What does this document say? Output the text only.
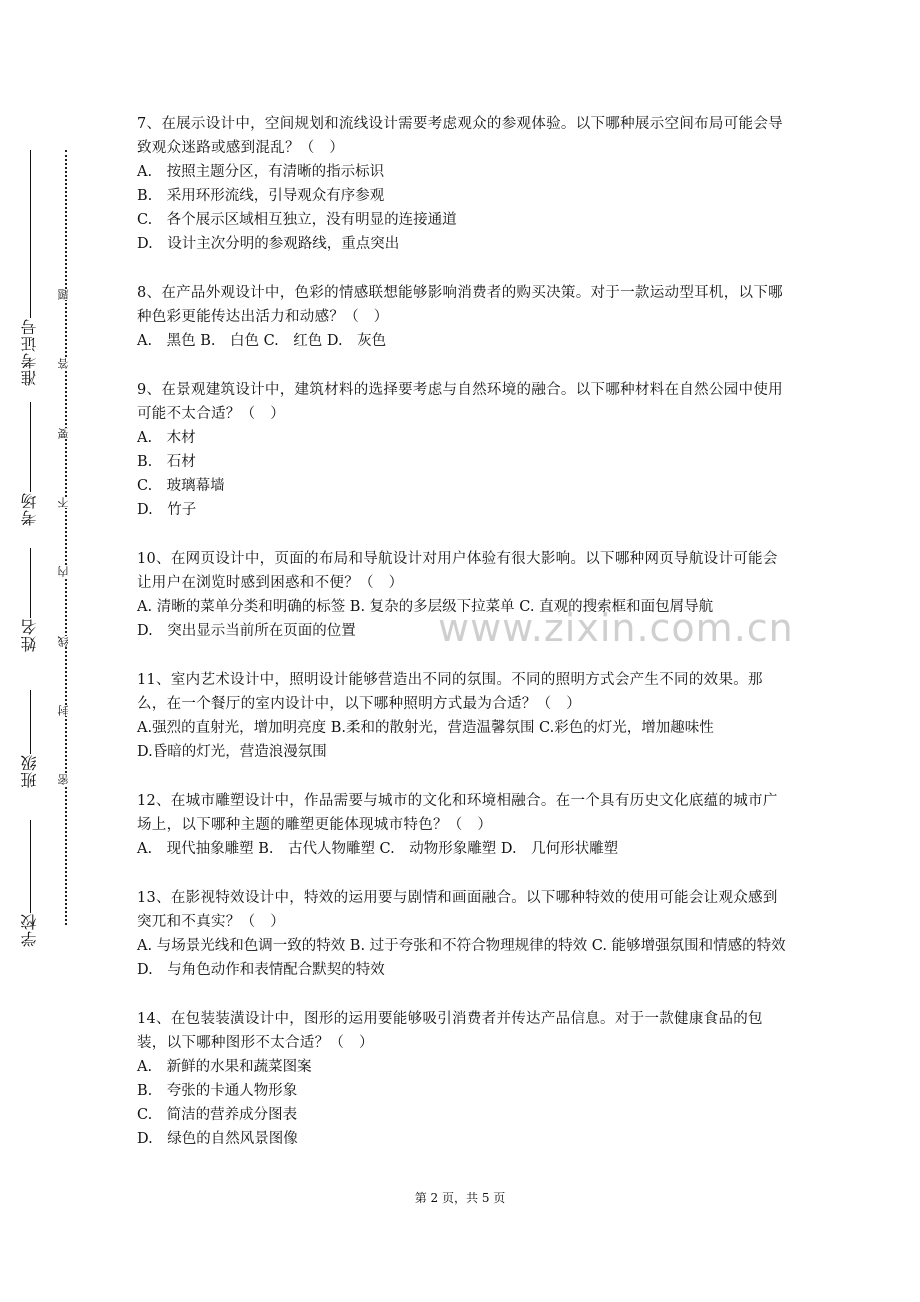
准考证号
考场
姓名
班级
学校
题
答
要
不
内
线
封
密

7、在展示设计中，空间规划和流线设计需要考虑观众的参观体验。以下哪种展示空间布局可能会导致观众迷路或感到混乱？（　）

A.　按照主题分区，有清晰的指示标识

B.　采用环形流线，引导观众有序参观

C.　各个展示区域相互独立，没有明显的连接通道

D.　设计主次分明的参观路线，重点突出

8、在产品外观设计中，色彩的情感联想能够影响消费者的购买决策。对于一款运动型耳机，以下哪种色彩更能传达出活力和动感？（　）

A.　黑色 B.　白色 C.　红色 D.　灰色

9、在景观建筑设计中，建筑材料的选择要考虑与自然环境的融合。以下哪种材料在自然公园中使用可能不太合适？（　）

A.　木材

B.　石材

C.　玻璃幕墙

D.　竹子

10、在网页设计中，页面的布局和导航设计对用户体验有很大影响。以下哪种网页导航设计可能会让用户在浏览时感到困惑和不便？（　）

A. 清晰的菜单分类和明确的标签 B. 复杂的多层级下拉菜单 C. 直观的搜索框和面包屑导航

D.　突出显示当前所在页面的位置

11、室内艺术设计中，照明设计能够营造出不同的氛围。不同的照明方式会产生不同的效果。那么，在一个餐厅的室内设计中，以下哪种照明方式最为合适？（　）

A.强烈的直射光，增加明亮度 B.柔和的散射光，营造温馨氛围 C.彩色的灯光，增加趣味性

D.昏暗的灯光，营造浪漫氛围

12、在城市雕塑设计中，作品需要与城市的文化和环境相融合。在一个具有历史文化底蕴的城市广场上，以下哪种主题的雕塑更能体现城市特色？（　）

A.　现代抽象雕塑 B.　古代人物雕塑 C.　动物形象雕塑 D.　几何形状雕塑

13、在影视特效设计中，特效的运用要与剧情和画面融合。以下哪种特效的使用可能会让观众感到突兀和不真实？（　）

A. 与场景光线和色调一致的特效 B. 过于夸张和不符合物理规律的特效 C. 能够增强氛围和情感的特效 D.　与角色动作和表情配合默契的特效

14、在包装装潢设计中，图形的运用要能够吸引消费者并传达产品信息。对于一款健康食品的包装，以下哪种图形不太合适？（　）

A.　新鲜的水果和蔬菜图案

B.　夸张的卡通人物形象

C.　简洁的营养成分图表

D.　绿色的自然风景图像

www.zixin.com.cn
第 2 页，共 5 页
